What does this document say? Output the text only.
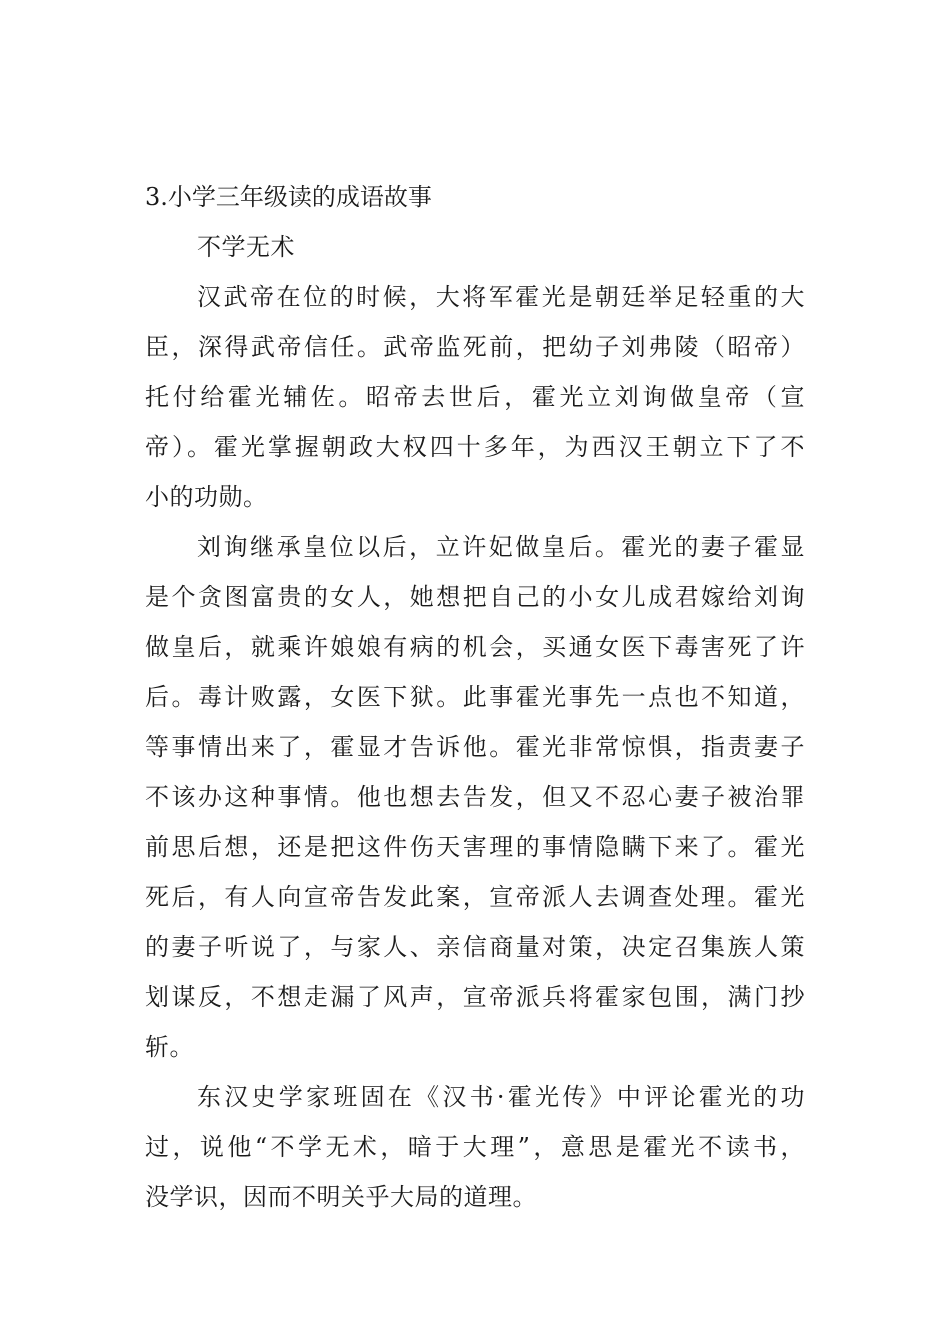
3.小学三年级读的成语故事
不学无术
汉武帝在位的时候，大将军霍光是朝廷举足轻重的大
臣，深得武帝信任。武帝监死前，把幼子刘弗陵（昭帝）
托付给霍光辅佐。昭帝去世后，霍光立刘询做皇帝（宣
帝）。霍光掌握朝政大权四十多年，为西汉王朝立下了不
小的功勋。
刘询继承皇位以后，立许妃做皇后。霍光的妻子霍显
是个贪图富贵的女人，她想把自己的小女儿成君嫁给刘询
做皇后，就乘许娘娘有病的机会，买通女医下毒害死了许
后。毒计败露，女医下狱。此事霍光事先一点也不知道，
等事情出来了，霍显才告诉他。霍光非常惊惧，指责妻子
不该办这种事情。他也想去告发，但又不忍心妻子被治罪
前思后想，还是把这件伤天害理的事情隐瞒下来了。霍光
死后，有人向宣帝告发此案，宣帝派人去调查处理。霍光
的妻子听说了，与家人、亲信商量对策，决定召集族人策
划谋反，不想走漏了风声，宣帝派兵将霍家包围，满门抄
斩。
东汉史学家班固在《汉书·霍光传》中评论霍光的功
过，说他“不学无术，暗于大理”，意思是霍光不读书，
没学识，因而不明关乎大局的道理。
